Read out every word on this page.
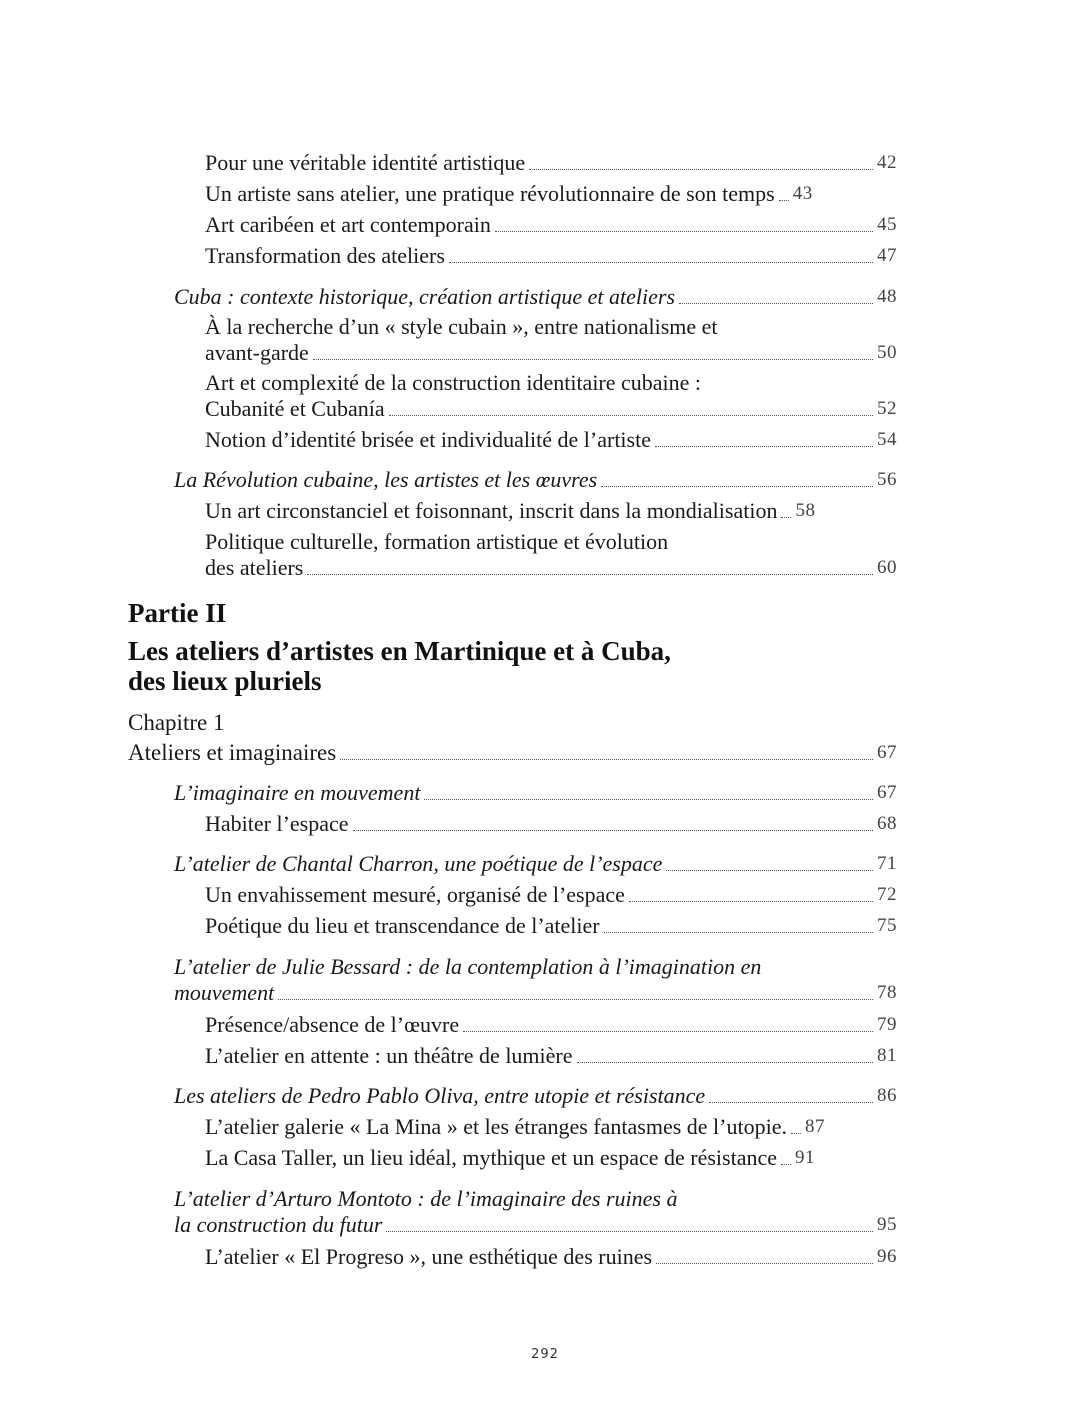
Pour une véritable identité artistique	42
Un artiste sans atelier, une pratique révolutionnaire de son temps 43
Art caribéen et art contemporain	45
Transformation des ateliers	47
Cuba : contexte historique, création artistique et ateliers	48
À la recherche d’un « style cubain », entre nationalisme et
avant-garde	50
Art et complexité de la construction identitaire cubaine :
Cubanité et Cubanía	52
Notion d’identité brisée et individualité de l’artiste	54
La Révolution cubaine, les artistes et les œuvres	56
Un art circonstanciel et foisonnant, inscrit dans la mondialisation 58
Politique culturelle, formation artistique et évolution
des ateliers	60
Partie II
Les ateliers d’artistes en Martinique et à Cuba,
des lieux pluriels
Chapitre 1
Ateliers et imaginaires	67
L’imaginaire en mouvement	67
Habiter l’espace	68
L’atelier de Chantal Charron, une poétique de l’espace	71
Un envahissement mesuré, organisé de l’espace	72
Poétique du lieu et transcendance de l’atelier	75
L’atelier de Julie Bessard : de la contemplation à l’imagination en
mouvement	78
Présence/absence de l’œuvre	79
L’atelier en attente : un théâtre de lumière	81
Les ateliers de Pedro Pablo Oliva, entre utopie et résistance	86
L’atelier galerie « La Mina » et les étranges fantasmes de l’utopie. 87
La Casa Taller, un lieu idéal, mythique et un espace de résistance 91
L’atelier d’Arturo Montoto : de l’imaginaire des ruines à
la construction du futur	95
L’atelier « El Progreso », une esthétique des ruines	96
292
